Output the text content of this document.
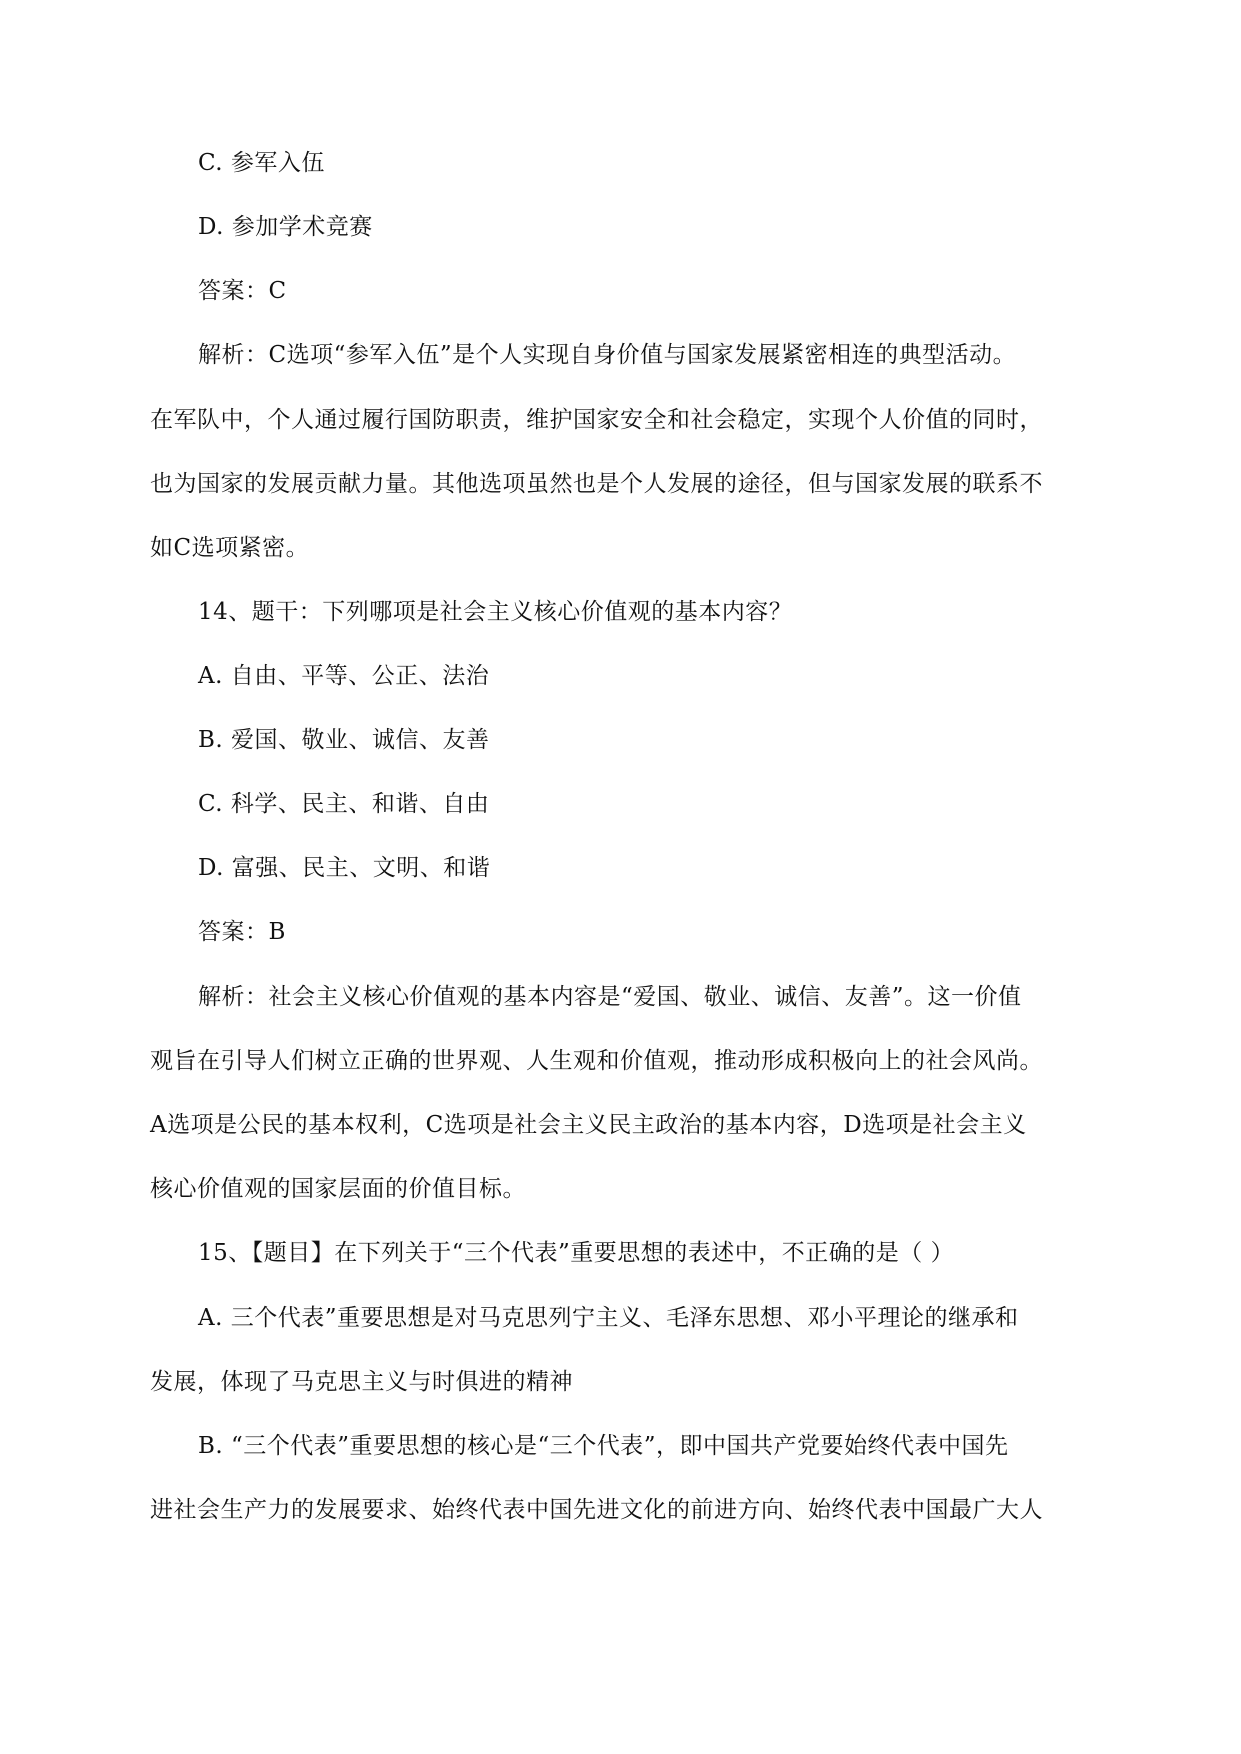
C. 参军入伍
D. 参加学术竞赛
答案：C
解析：C选项“参军入伍”是个人实现自身价值与国家发展紧密相连的典型活动。
在军队中，个人通过履行国防职责，维护国家安全和社会稳定，实现个人价值的同时，
也为国家的发展贡献力量。其他选项虽然也是个人发展的途径，但与国家发展的联系不
如C选项紧密。
14、题干：下列哪项是社会主义核心价值观的基本内容？
A. 自由、平等、公正、法治
B. 爱国、敬业、诚信、友善
C. 科学、民主、和谐、自由
D. 富强、民主、文明、和谐
答案：B
解析：社会主义核心价值观的基本内容是“爱国、敬业、诚信、友善”。这一价值
观旨在引导人们树立正确的世界观、人生观和价值观，推动形成积极向上的社会风尚。
A选项是公民的基本权利，C选项是社会主义民主政治的基本内容，D选项是社会主义
核心价值观的国家层面的价值目标。
15、【题目】在下列关于“三个代表”重要思想的表述中，不正确的是（ ）
A. 三个代表”重要思想是对马克思列宁主义、毛泽东思想、邓小平理论的继承和
发展，体现了马克思主义与时俱进的精神
B. “三个代表”重要思想的核心是“三个代表”，即中国共产党要始终代表中国先
进社会生产力的发展要求、始终代表中国先进文化的前进方向、始终代表中国最广大人
